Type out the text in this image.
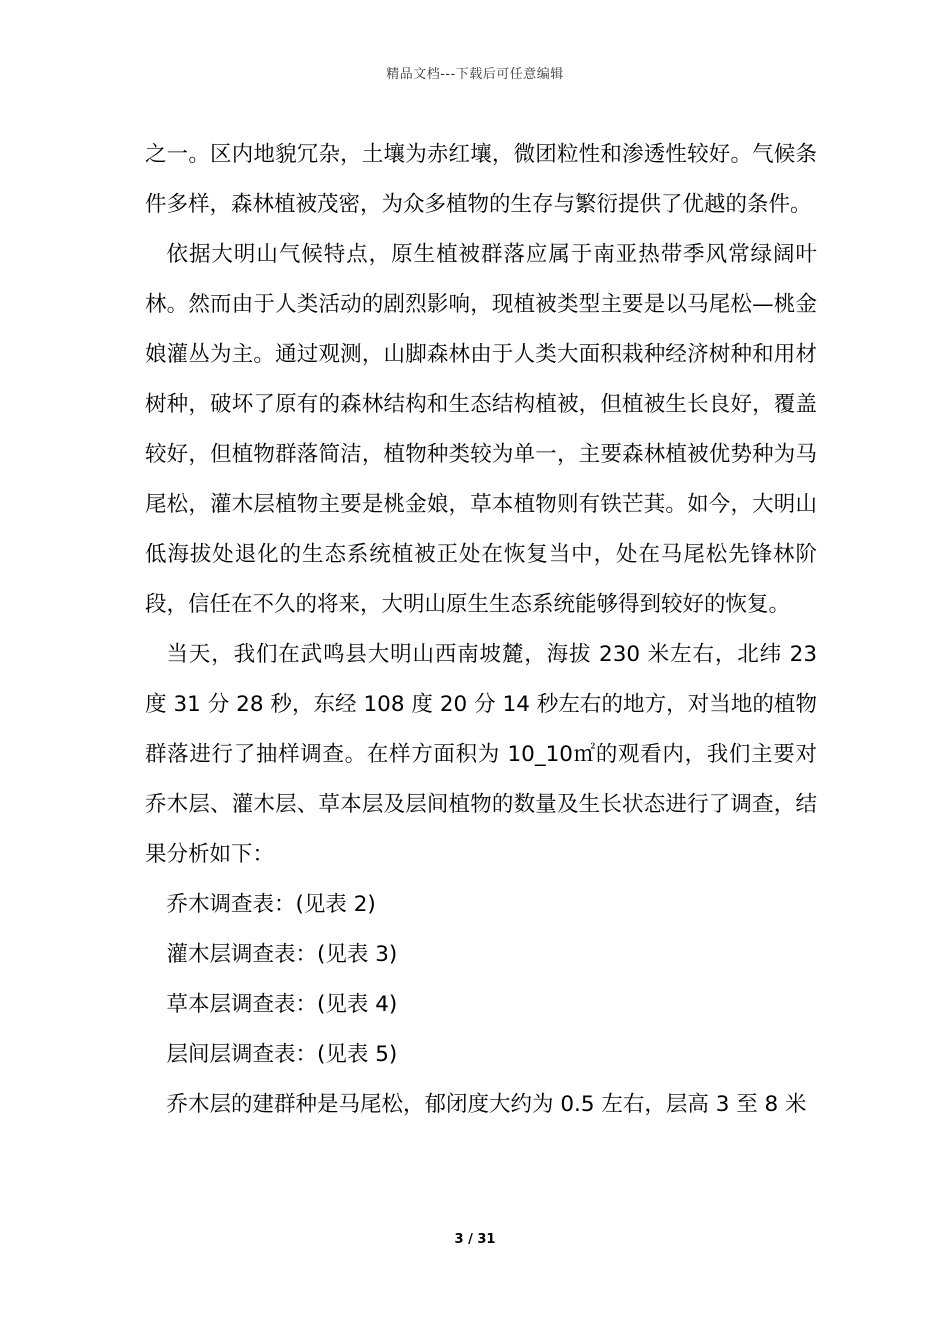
精品文档---下载后可任意编辑

之一。区内地貌冗杂，土壤为赤红壤，微团粒性和渗透性较好。气候条件多样，森林植被茂密，为众多植物的生存与繁衍提供了优越的条件。

依据大明山气候特点，原生植被群落应属于南亚热带季风常绿阔叶林。然而由于人类活动的剧烈影响，现植被类型主要是以马尾松—桃金娘灌丛为主。通过观测，山脚森林由于人类大面积栽种经济树种和用材树种，破坏了原有的森林结构和生态结构植被，但植被生长良好，覆盖较好，但植物群落简洁，植物种类较为单一，主要森林植被优势种为马尾松，灌木层植物主要是桃金娘，草本植物则有铁芒萁。如今，大明山低海拔处退化的生态系统植被正处在恢复当中，处在马尾松先锋林阶段，信任在不久的将来，大明山原生生态系统能够得到较好的恢复。

当天，我们在武鸣县大明山西南坡麓，海拔 230 米左右，北纬 23 度 31 分 28 秒，东经 108 度 20 分 14 秒左右的地方，对当地的植物群落进行了抽样调查。在样方面积为 10_10㎡的观看内，我们主要对乔木层、灌木层、草本层及层间植物的数量及生长状态进行了调查，结果分析如下：

乔木调查表：(见表 2)

灌木层调查表：(见表 3)

草本层调查表：(见表 4)

层间层调查表：(见表 5)

乔木层的建群种是马尾松，郁闭度大约为 0.5 左右，层高 3 至 8 米

3 / 31
